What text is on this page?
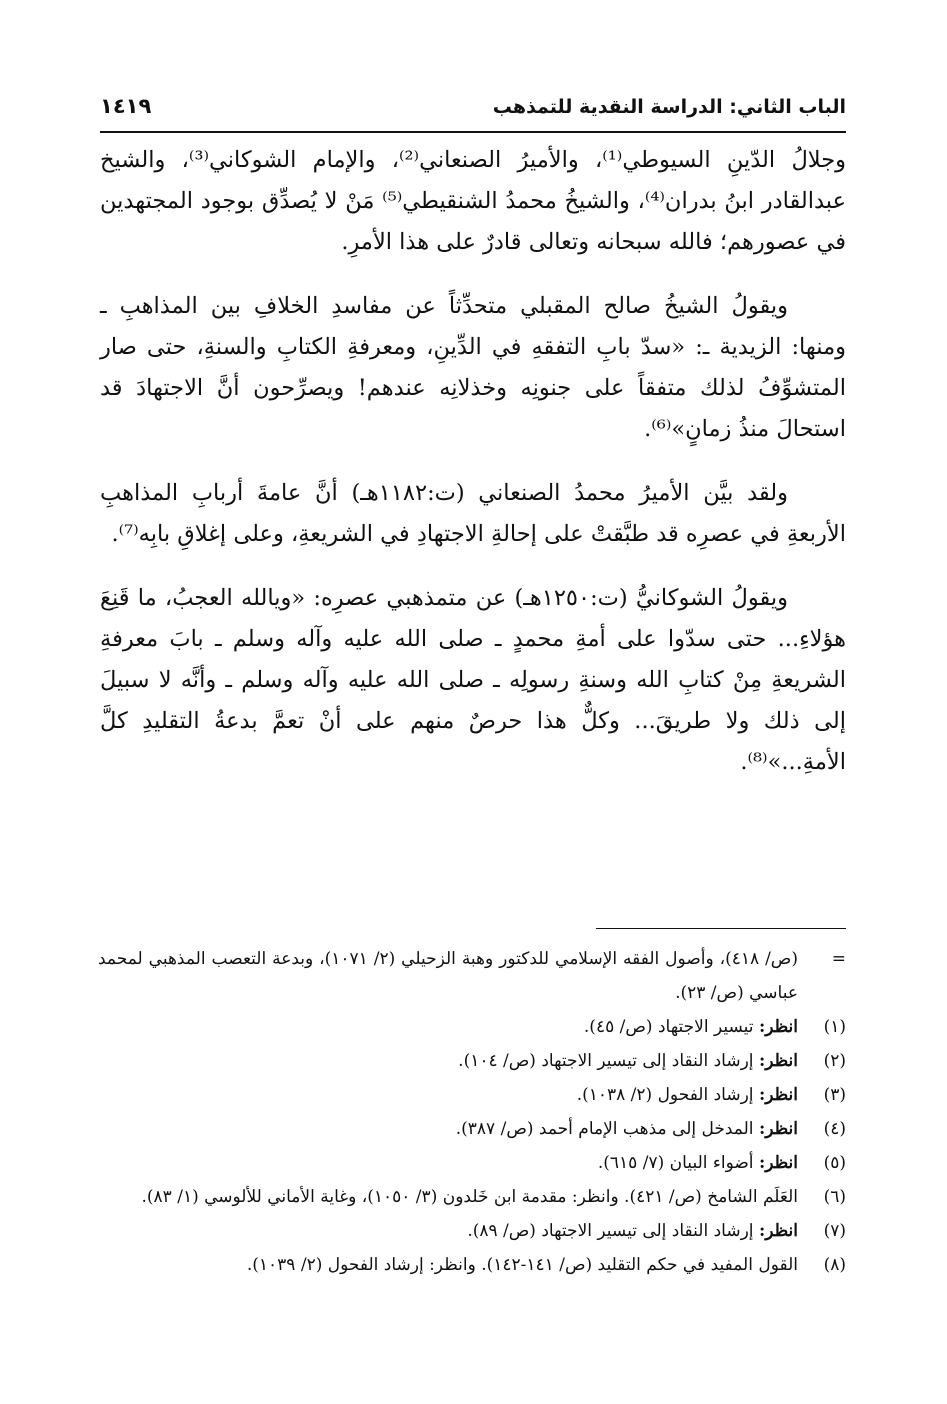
الباب الثاني: الدراسة النقدية للتمذهب
١٤١٩

وجلالُ الدّينِ السيوطي⁽¹⁾، والأميرُ الصنعاني⁽²⁾، والإمام الشوكاني⁽³⁾، والشيخ عبدالقادر ابنُ بدران⁽⁴⁾، والشيخُ محمدُ الشنقيطي⁽⁵⁾ مَنْ لا يُصدِّق بوجود المجتهدين في عصورهم؛ فالله سبحانه وتعالى قادرٌ على هذا الأمرِ.

ويقولُ الشيخُ صالح المقبلي متحدِّثاً عن مفاسدِ الخلافِ بين المذاهبِ ـ ومنها: الزيدية ـ: «سدّ بابِ التفقهِ في الدِّينِ، ومعرفةِ الكتابِ والسنةِ، حتى صار المتشوِّفُ لذلك متفقاً على جنونِه وخذلانِه عندهم! ويصرِّحون أنَّ الاجتهادَ قد استحالَ منذُ زمانٍ»⁽⁶⁾.

ولقد بيَّن الأميرُ محمدُ الصنعاني (ت:١١٨٢هـ) أنَّ عامةَ أربابِ المذاهبِ الأربعةِ في عصرِه قد طبَّقتْ على إحالةِ الاجتهادِ في الشريعةِ، وعلى إغلاقِ بابِه⁽⁷⁾.

ويقولُ الشوكانيُّ (ت:١٢٥٠هـ) عن متمذهبي عصرِه: «ويالله العجبُ، ما قَنِعَ هؤلاءِ... حتى سدّوا على أمةِ محمدٍ ـ صلى الله عليه وآله وسلم ـ بابَ معرفةِ الشريعةِ مِنْ كتابِ الله وسنةِ رسولِه ـ صلى الله عليه وآله وسلم ـ وأنَّه لا سبيلَ إلى ذلك ولا طريقَ... وكلٌّ هذا حرصٌ منهم على أنْ تعمَّ بدعةُ التقليدِ كلَّ الأمةِ...»⁽⁸⁾.

=
(ص/ ٤١٨)، وأصول الفقه الإسلامي للدكتور وهبة الزحيلي (٢/ ١٠٧١)، وبدعة التعصب المذهبي لمحمد عباسي (ص/ ٢٣).
(١)
انظر: تيسير الاجتهاد (ص/ ٤٥).
(٢)
انظر: إرشاد النقاد إلى تيسير الاجتهاد (ص/ ١٠٤).
(٣)
انظر: إرشاد الفحول (٢/ ١٠٣٨).
(٤)
انظر: المدخل إلى مذهب الإمام أحمد (ص/ ٣٨٧).
(٥)
انظر: أضواء البيان (٧/ ٦١٥).
(٦)
العَلَم الشامخ (ص/ ٤٢١). وانظر: مقدمة ابن خَلدون (٣/ ١٠٥٠)، وغاية الأماني للألوسي (١/ ٨٣).
(٧)
انظر: إرشاد النقاد إلى تيسير الاجتهاد (ص/ ٨٩).
(٨)
القول المفيد في حكم التقليد (ص/ ١٤١-١٤٢). وانظر: إرشاد الفحول (٢/ ١٠٣٩).
